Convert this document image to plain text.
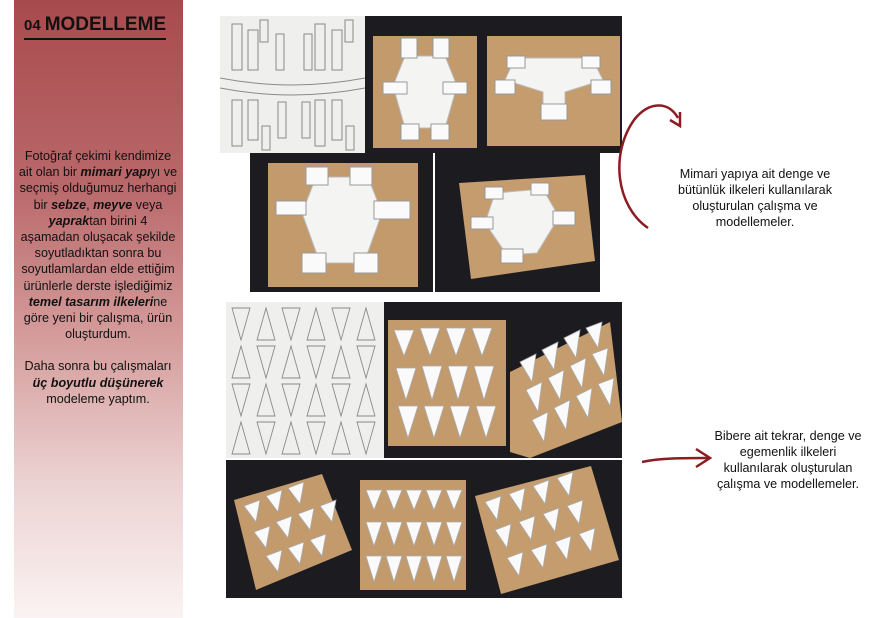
04 MODELLEME

Fotoğraf çekimi kendimize ait olan bir mimari yapıyı ve seçmiş olduğumuz herhangi bir sebze, meyve veya yapraktan birini 4 aşamadan oluşacak şekilde soyutladıktan sonra bu soyutlamlardan elde ettiğim ürünlerle derste işlediğimiz temel tasarım ilkelerine göre yeni bir çalışma, ürün oluşturdum.

Daha sonra bu çalışmaları üç boyutlu düşünerek modeleme yaptım.

Mimari yapıya ait denge ve bütünlük ilkeleri kullanılarak oluşturulan çalışma ve modellemeler.
Bibere ait tekrar, denge ve egemenlik ilkeleri kullanılarak oluşturulan çalışma ve modellemeler.
